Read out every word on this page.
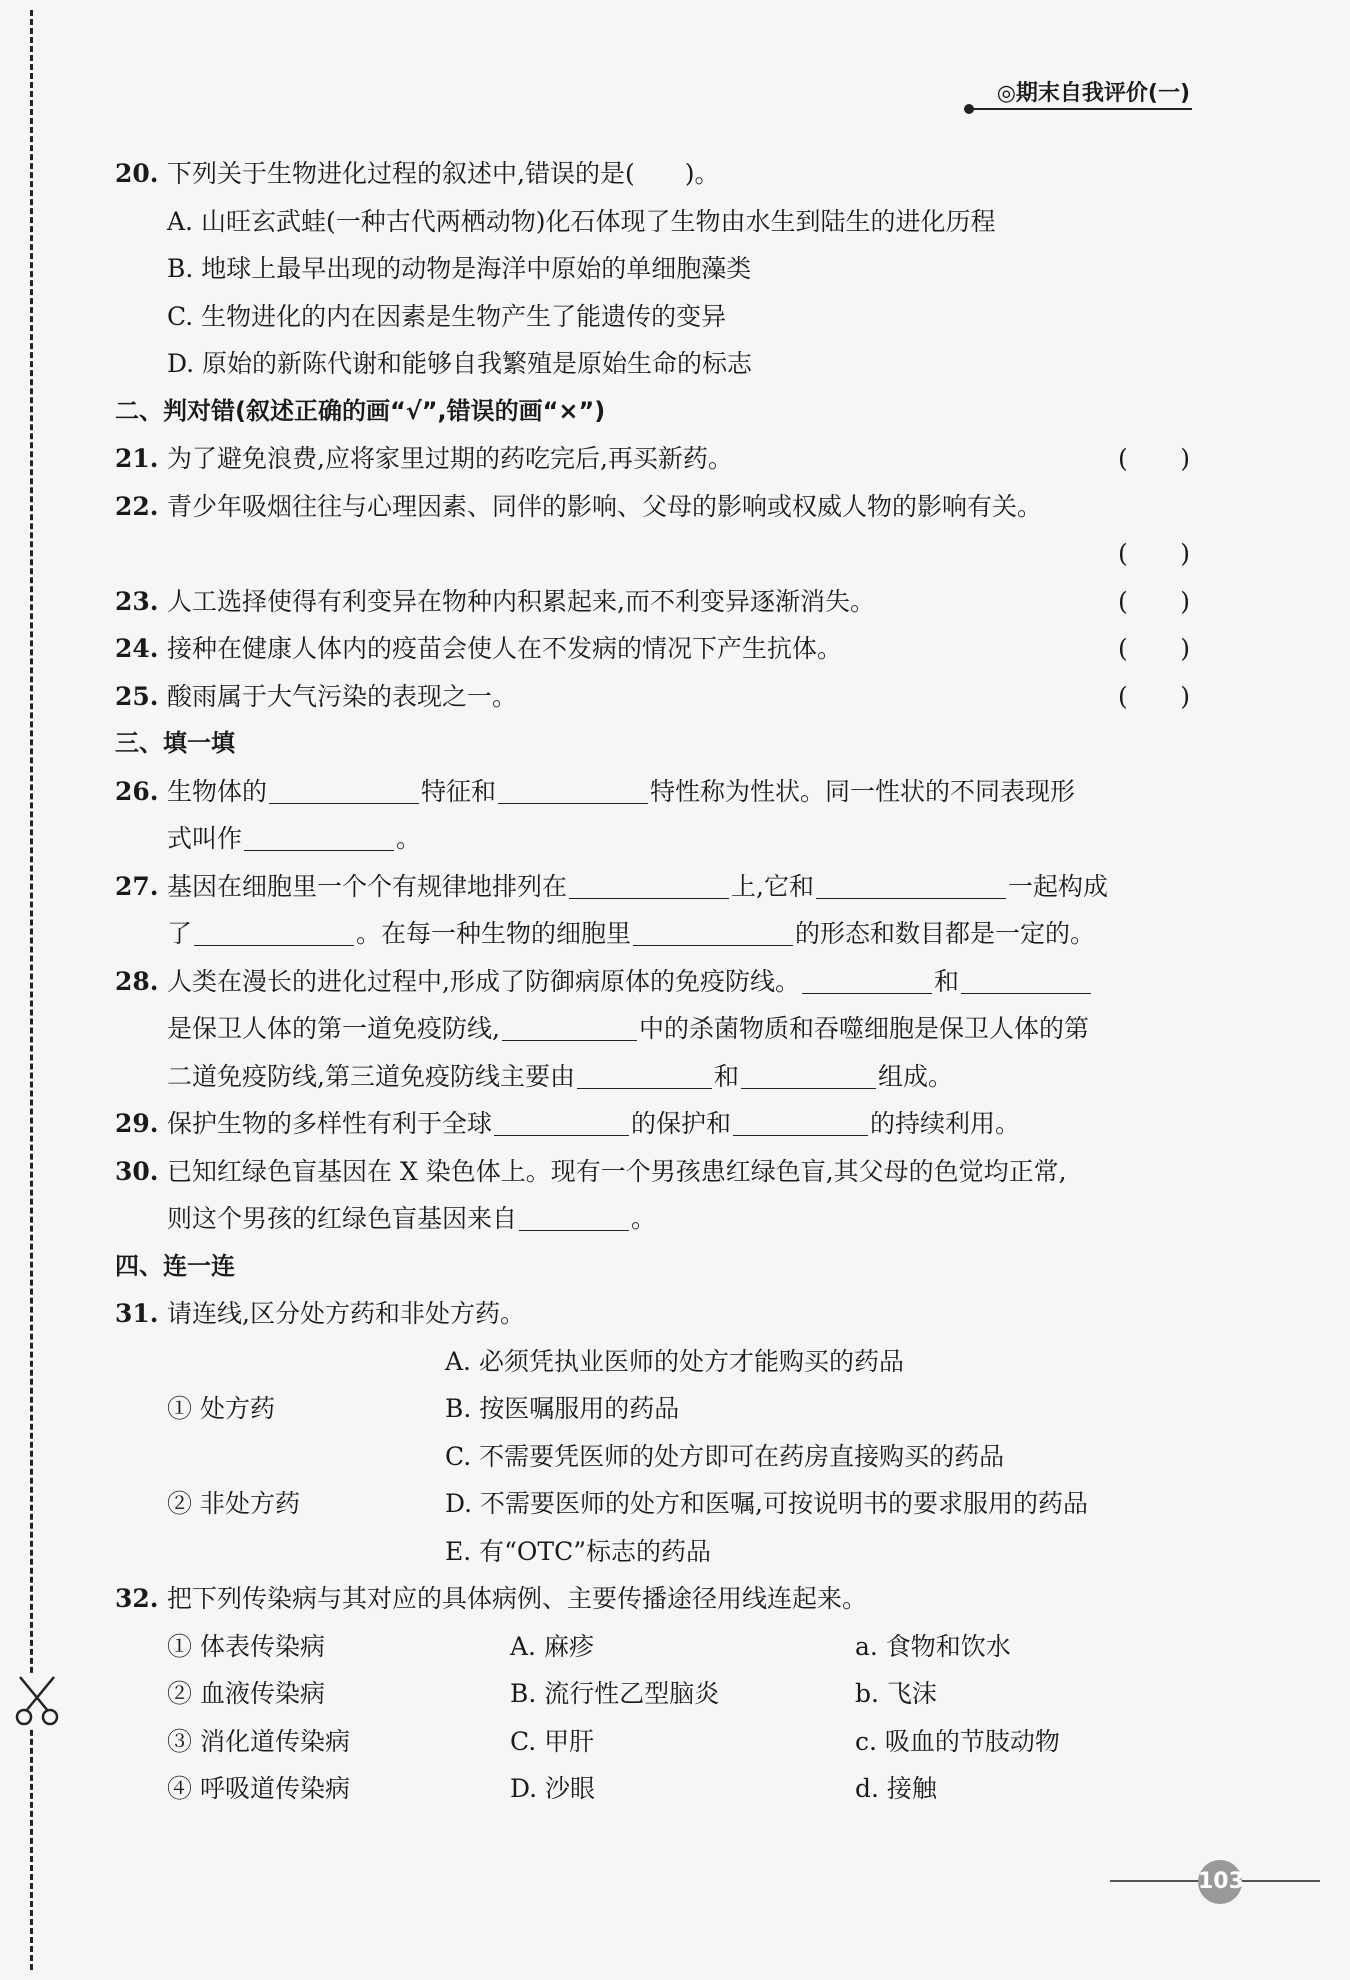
◎期末自我评价(一)
20. 下列关于生物进化过程的叙述中,错误的是(　　)。
A. 山旺玄武蛙(一种古代两栖动物)化石体现了生物由水生到陆生的进化历程
B. 地球上最早出现的动物是海洋中原始的单细胞藻类
C. 生物进化的内在因素是生物产生了能遗传的变异
D. 原始的新陈代谢和能够自我繁殖是原始生命的标志
二、判对错(叙述正确的画“√”,错误的画“×”)
21. 为了避免浪费,应将家里过期的药吃完后,再买新药。	( )
22. 青少年吸烟往往与心理因素、同伴的影响、父母的影响或权威人物的影响有关。
( )
23. 人工选择使得有利变异在物种内积累起来,而不利变异逐渐消失。	( )
24. 接种在健康人体内的疫苗会使人在不发病的情况下产生抗体。	( )
25. 酸雨属于大气污染的表现之一。	( )
三、填一填
26. 生物体的	特征和	特性称为性状。同一性状的不同表现形
式叫作	。
27. 基因在细胞里一个个有规律地排列在	上,它和	一起构成
了	。在每一种生物的细胞里	的形态和数目都是一定的。
28. 人类在漫长的进化过程中,形成了防御病原体的免疫防线。	和
是保卫人体的第一道免疫防线,	中的杀菌物质和吞噬细胞是保卫人体的第
二道免疫防线,第三道免疫防线主要由	和	组成。
29. 保护生物的多样性有利于全球	的保护和	的持续利用。
30. 已知红绿色盲基因在 X 染色体上。现有一个男孩患红绿色盲,其父母的色觉均正常,
则这个男孩的红绿色盲基因来自	。
四、连一连
31. 请连线,区分处方药和非处方药。
A. 必须凭执业医师的处方才能购买的药品
① 处方药	B. 按医嘱服用的药品
C. 不需要凭医师的处方即可在药房直接购买的药品
② 非处方药	D. 不需要医师的处方和医嘱,可按说明书的要求服用的药品
E. 有“OTC”标志的药品
32. 把下列传染病与其对应的具体病例、主要传播途径用线连起来。
① 体表传染病	A. 麻疹	a. 食物和饮水
② 血液传染病	B. 流行性乙型脑炎	b. 飞沫
③ 消化道传染病	C. 甲肝	c. 吸血的节肢动物
④ 呼吸道传染病	D. 沙眼	d. 接触
103
